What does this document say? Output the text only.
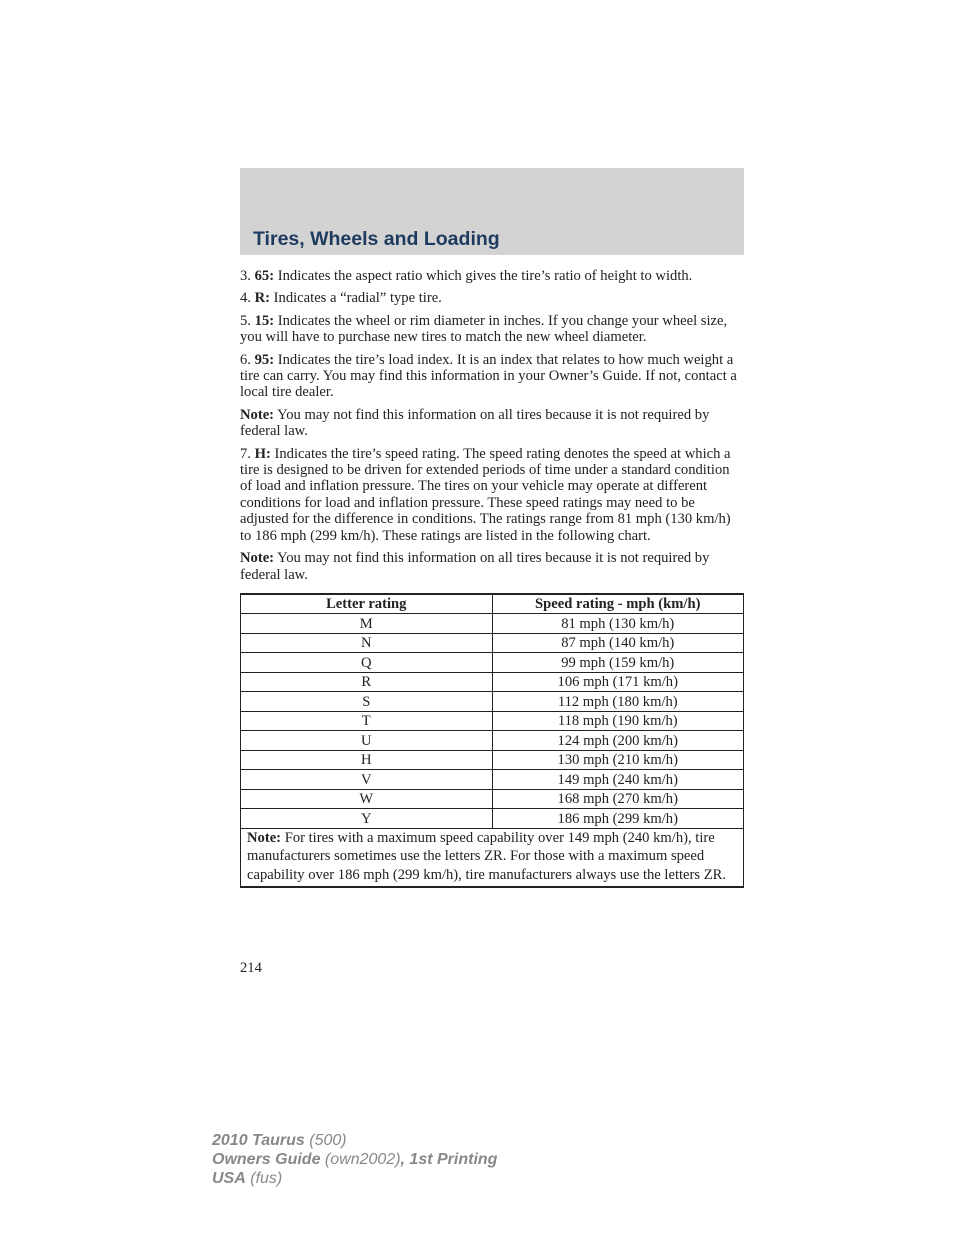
Tires, Wheels and Loading

3. 65: Indicates the aspect ratio which gives the tire’s ratio of height to width.

4. R: Indicates a “radial” type tire.

5. 15: Indicates the wheel or rim diameter in inches. If you change your wheel size, you will have to purchase new tires to match the new wheel diameter.

6. 95: Indicates the tire’s load index. It is an index that relates to how much weight a tire can carry. You may find this information in your Owner’s Guide. If not, contact a local tire dealer.

Note: You may not find this information on all tires because it is not required by federal law.

7. H: Indicates the tire’s speed rating. The speed rating denotes the speed at which a tire is designed to be driven for extended periods of time under a standard condition of load and inflation pressure. The tires on your vehicle may operate at different conditions for load and inflation pressure. These speed ratings may need to be adjusted for the difference in conditions. The ratings range from 81 mph (130 km/h) to 186 mph (299 km/h). These ratings are listed in the following chart.

Note: You may not find this information on all tires because it is not required by federal law.

Letter rating	Speed rating - mph (km/h)
M	81 mph (130 km/h)
N	87 mph (140 km/h)
Q	99 mph (159 km/h)
R	106 mph (171 km/h)
S	112 mph (180 km/h)
T	118 mph (190 km/h)
U	124 mph (200 km/h)
H	130 mph (210 km/h)
V	149 mph (240 km/h)
W	168 mph (270 km/h)
Y	186 mph (299 km/h)
Note: For tires with a maximum speed capability over 149 mph (240 km/h), tire manufacturers sometimes use the letters ZR. For those with a maximum speed capability over 186 mph (299 km/h), tire manufacturers always use the letters ZR.	
214
2010 Taurus (500)
Owners Guide (own2002), 1st Printing
USA (fus)
